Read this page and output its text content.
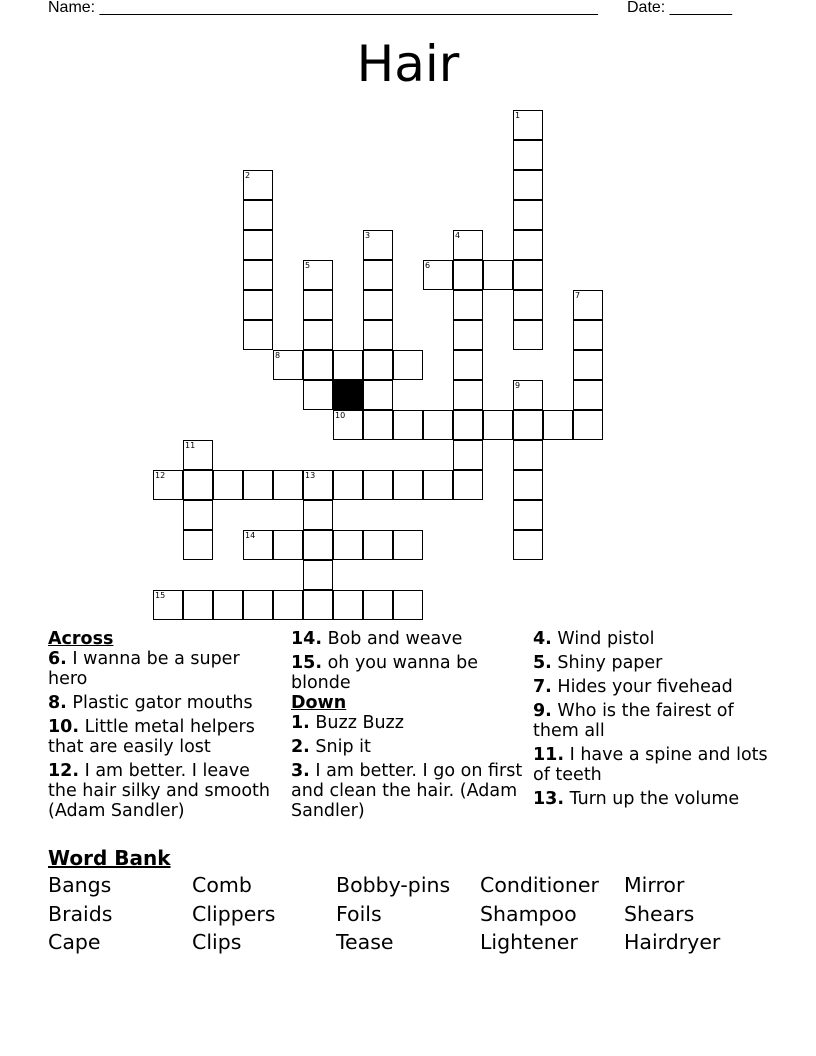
Name: ________________________________________________________ Date: _______
Hair
1
2
3	4
5	6
7
8
9
10
11
12	13
14
15
Across
6. I wanna be a super hero
8. Plastic gator mouths
10. Little metal helpers that are easily lost
12. I am better. I leave the hair silky and smooth (Adam Sandler)
14. Bob and weave
15. oh you wanna be blonde
Down
1. Buzz Buzz
2. Snip it
3. I am better. I go on first and clean the hair. (Adam Sandler)
4. Wind pistol
5. Shiny paper
7. Hides your fivehead
9. Who is the fairest of them all
11. I have a spine and lots of teeth
13. Turn up the volume
Word Bank
Bangs	Comb	Bobby-pins	Conditioner	Mirror
Braids	Clippers	Foils	Shampoo	Shears
Cape	Clips	Tease	Lightener	Hairdryer
